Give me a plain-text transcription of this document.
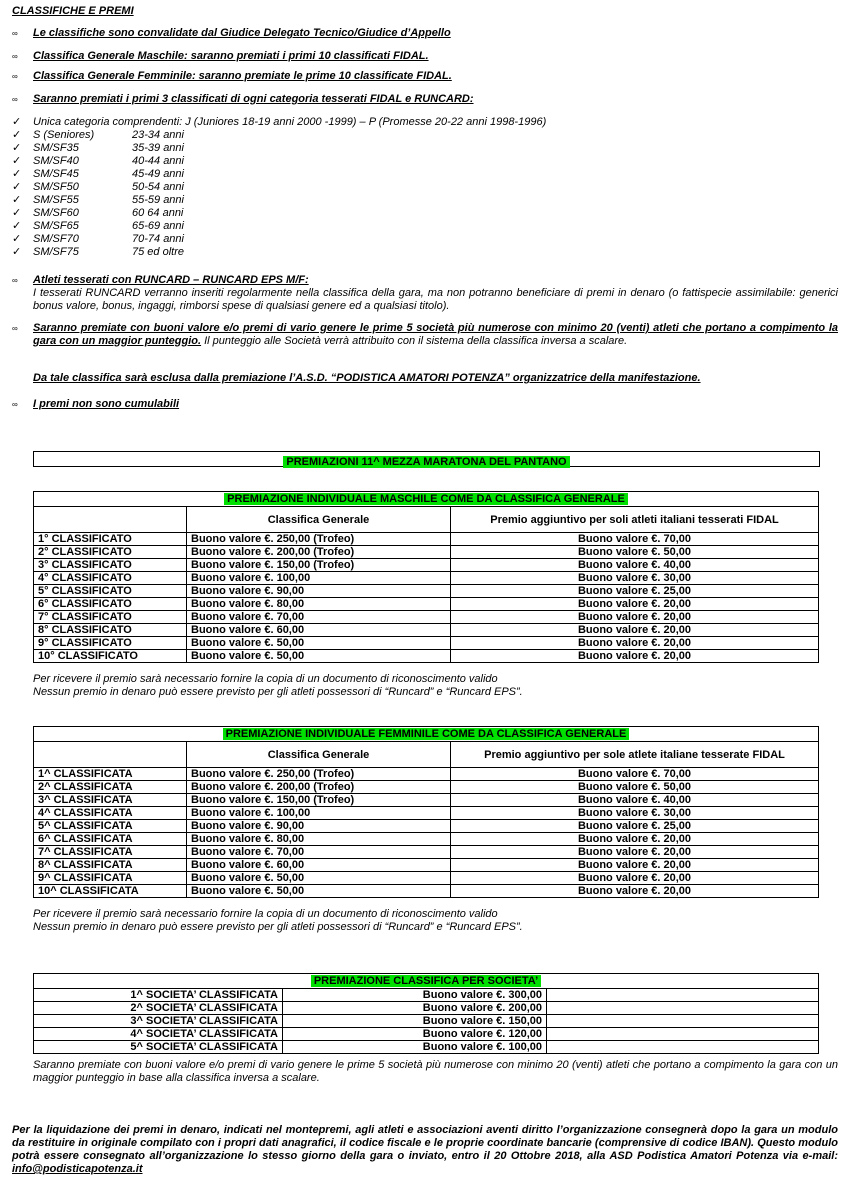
CLASSIFICHE E PREMI
∞ Le classifiche sono convalidate dal Giudice Delegato Tecnico/Giudice d’Appello
∞ Classifica Generale Maschile: saranno premiati i primi 10 classificati FIDAL.
∞ Classifica Generale Femminile: saranno premiate le prime 10 classificate FIDAL.
∞ Saranno premiati i primi 3 classificati di ogni categoria tesserati FIDAL e RUNCARD:
✓ Unica categoria comprendenti: J (Juniores 18-19 anni 2000 -1999) – P (Promesse 20-22 anni 1998-1996)
✓ S (Seniores)	23-34 anni
✓ SM/SF35	35-39 anni
✓ SM/SF40	40-44 anni
✓ SM/SF45	45-49 anni
✓ SM/SF50	50-54 anni
✓ SM/SF55	55-59 anni
✓ SM/SF60	60 64 anni
✓ SM/SF65	65-69 anni
✓ SM/SF70	70-74 anni
✓ SM/SF75	75 ed oltre
∞ Atleti tesserati con RUNCARD – RUNCARD EPS M/F:
I tesserati RUNCARD verranno inseriti regolarmente nella classifica della gara, ma non potranno beneficiare di premi in denaro (o fattispecie assimilabile: generici bonus valore, bonus, ingaggi, rimborsi spese di qualsiasi genere ed a qualsiasi titolo).
∞ Saranno premiate con buoni valore e/o premi di vario genere le prime 5 società più numerose con minimo 20 (venti) atleti che portano a compimento la gara con un maggior punteggio. Il punteggio alle Società verrà attribuito con il sistema della classifica inversa a scalare.
Da tale classifica sarà esclusa dalla premiazione l’A.S.D. “PODISTICA AMATORI POTENZA” organizzatrice della manifestazione.
∞ I premi non sono cumulabili
PREMIAZIONI 11^ MEZZA MARATONA DEL PANTANO
PREMIAZIONE INDIVIDUALE MASCHILE COME DA CLASSIFICA GENERALE		
	Classifica Generale	Premio aggiuntivo per soli atleti italiani tesserati FIDAL
1° CLASSIFICATO	Buono valore €. 250,00 (Trofeo)	Buono valore €. 70,00
2° CLASSIFICATO	Buono valore €. 200,00 (Trofeo)	Buono valore €. 50,00
3° CLASSIFICATO	Buono valore €. 150,00 (Trofeo)	Buono valore €. 40,00
4° CLASSIFICATO	Buono valore €. 100,00	Buono valore €. 30,00
5° CLASSIFICATO	Buono valore €. 90,00	Buono valore €. 25,00
6° CLASSIFICATO	Buono valore €. 80,00	Buono valore €. 20,00
7° CLASSIFICATO	Buono valore €. 70,00	Buono valore €. 20,00
8° CLASSIFICATO	Buono valore €. 60,00	Buono valore €. 20,00
9° CLASSIFICATO	Buono valore €. 50,00	Buono valore €. 20,00
10° CLASSIFICATO	Buono valore €. 50,00	Buono valore €. 20,00
Per ricevere il premio sarà necessario fornire la copia di un documento di riconoscimento valido
Nessun premio in denaro può essere previsto per gli atleti possessori di “Runcard” e “Runcard EPS”.
PREMIAZIONE INDIVIDUALE FEMMINILE COME DA CLASSIFICA GENERALE		
	Classifica Generale	Premio aggiuntivo per sole atlete italiane tesserate FIDAL
1^ CLASSIFICATA	Buono valore €. 250,00 (Trofeo)	Buono valore €. 70,00
2^ CLASSIFICATA	Buono valore €. 200,00 (Trofeo)	Buono valore €. 50,00
3^ CLASSIFICATA	Buono valore €. 150,00 (Trofeo)	Buono valore €. 40,00
4^ CLASSIFICATA	Buono valore €. 100,00	Buono valore €. 30,00
5^ CLASSIFICATA	Buono valore €. 90,00	Buono valore €. 25,00
6^ CLASSIFICATA	Buono valore €. 80,00	Buono valore €. 20,00
7^ CLASSIFICATA	Buono valore €. 70,00	Buono valore €. 20,00
8^ CLASSIFICATA	Buono valore €. 60,00	Buono valore €. 20,00
9^ CLASSIFICATA	Buono valore €. 50,00	Buono valore €. 20,00
10^ CLASSIFICATA	Buono valore €. 50,00	Buono valore €. 20,00
Per ricevere il premio sarà necessario fornire la copia di un documento di riconoscimento valido
Nessun premio in denaro può essere previsto per gli atleti possessori di “Runcard” e “Runcard EPS”.
PREMIAZIONE CLASSIFICA PER SOCIETA’		
1^ SOCIETA’ CLASSIFICATA	Buono valore €. 300,00	
2^ SOCIETA’ CLASSIFICATA	Buono valore €. 200,00	
3^ SOCIETA’ CLASSIFICATA	Buono valore €. 150,00	
4^ SOCIETA’ CLASSIFICATA	Buono valore €. 120,00	
5^ SOCIETA’ CLASSIFICATA	Buono valore €. 100,00	
Saranno premiate con buoni valore e/o premi di vario genere le prime 5 società più numerose con minimo 20 (venti) atleti che portano a compimento la gara con un maggior punteggio in base alla classifica inversa a scalare.
Per la liquidazione dei premi in denaro, indicati nel montepremi, agli atleti e associazioni aventi diritto l’organizzazione consegnerà dopo la gara un modulo da restituire in originale compilato con i propri dati anagrafici, il codice fiscale e le proprie coordinate bancarie (comprensive di codice IBAN). Questo modulo potrà essere consegnato all’organizzazione lo stesso giorno della gara o inviato, entro il 20 Ottobre 2018, alla ASD Podistica Amatori Potenza via e-mail: info@podisticapotenza.it
